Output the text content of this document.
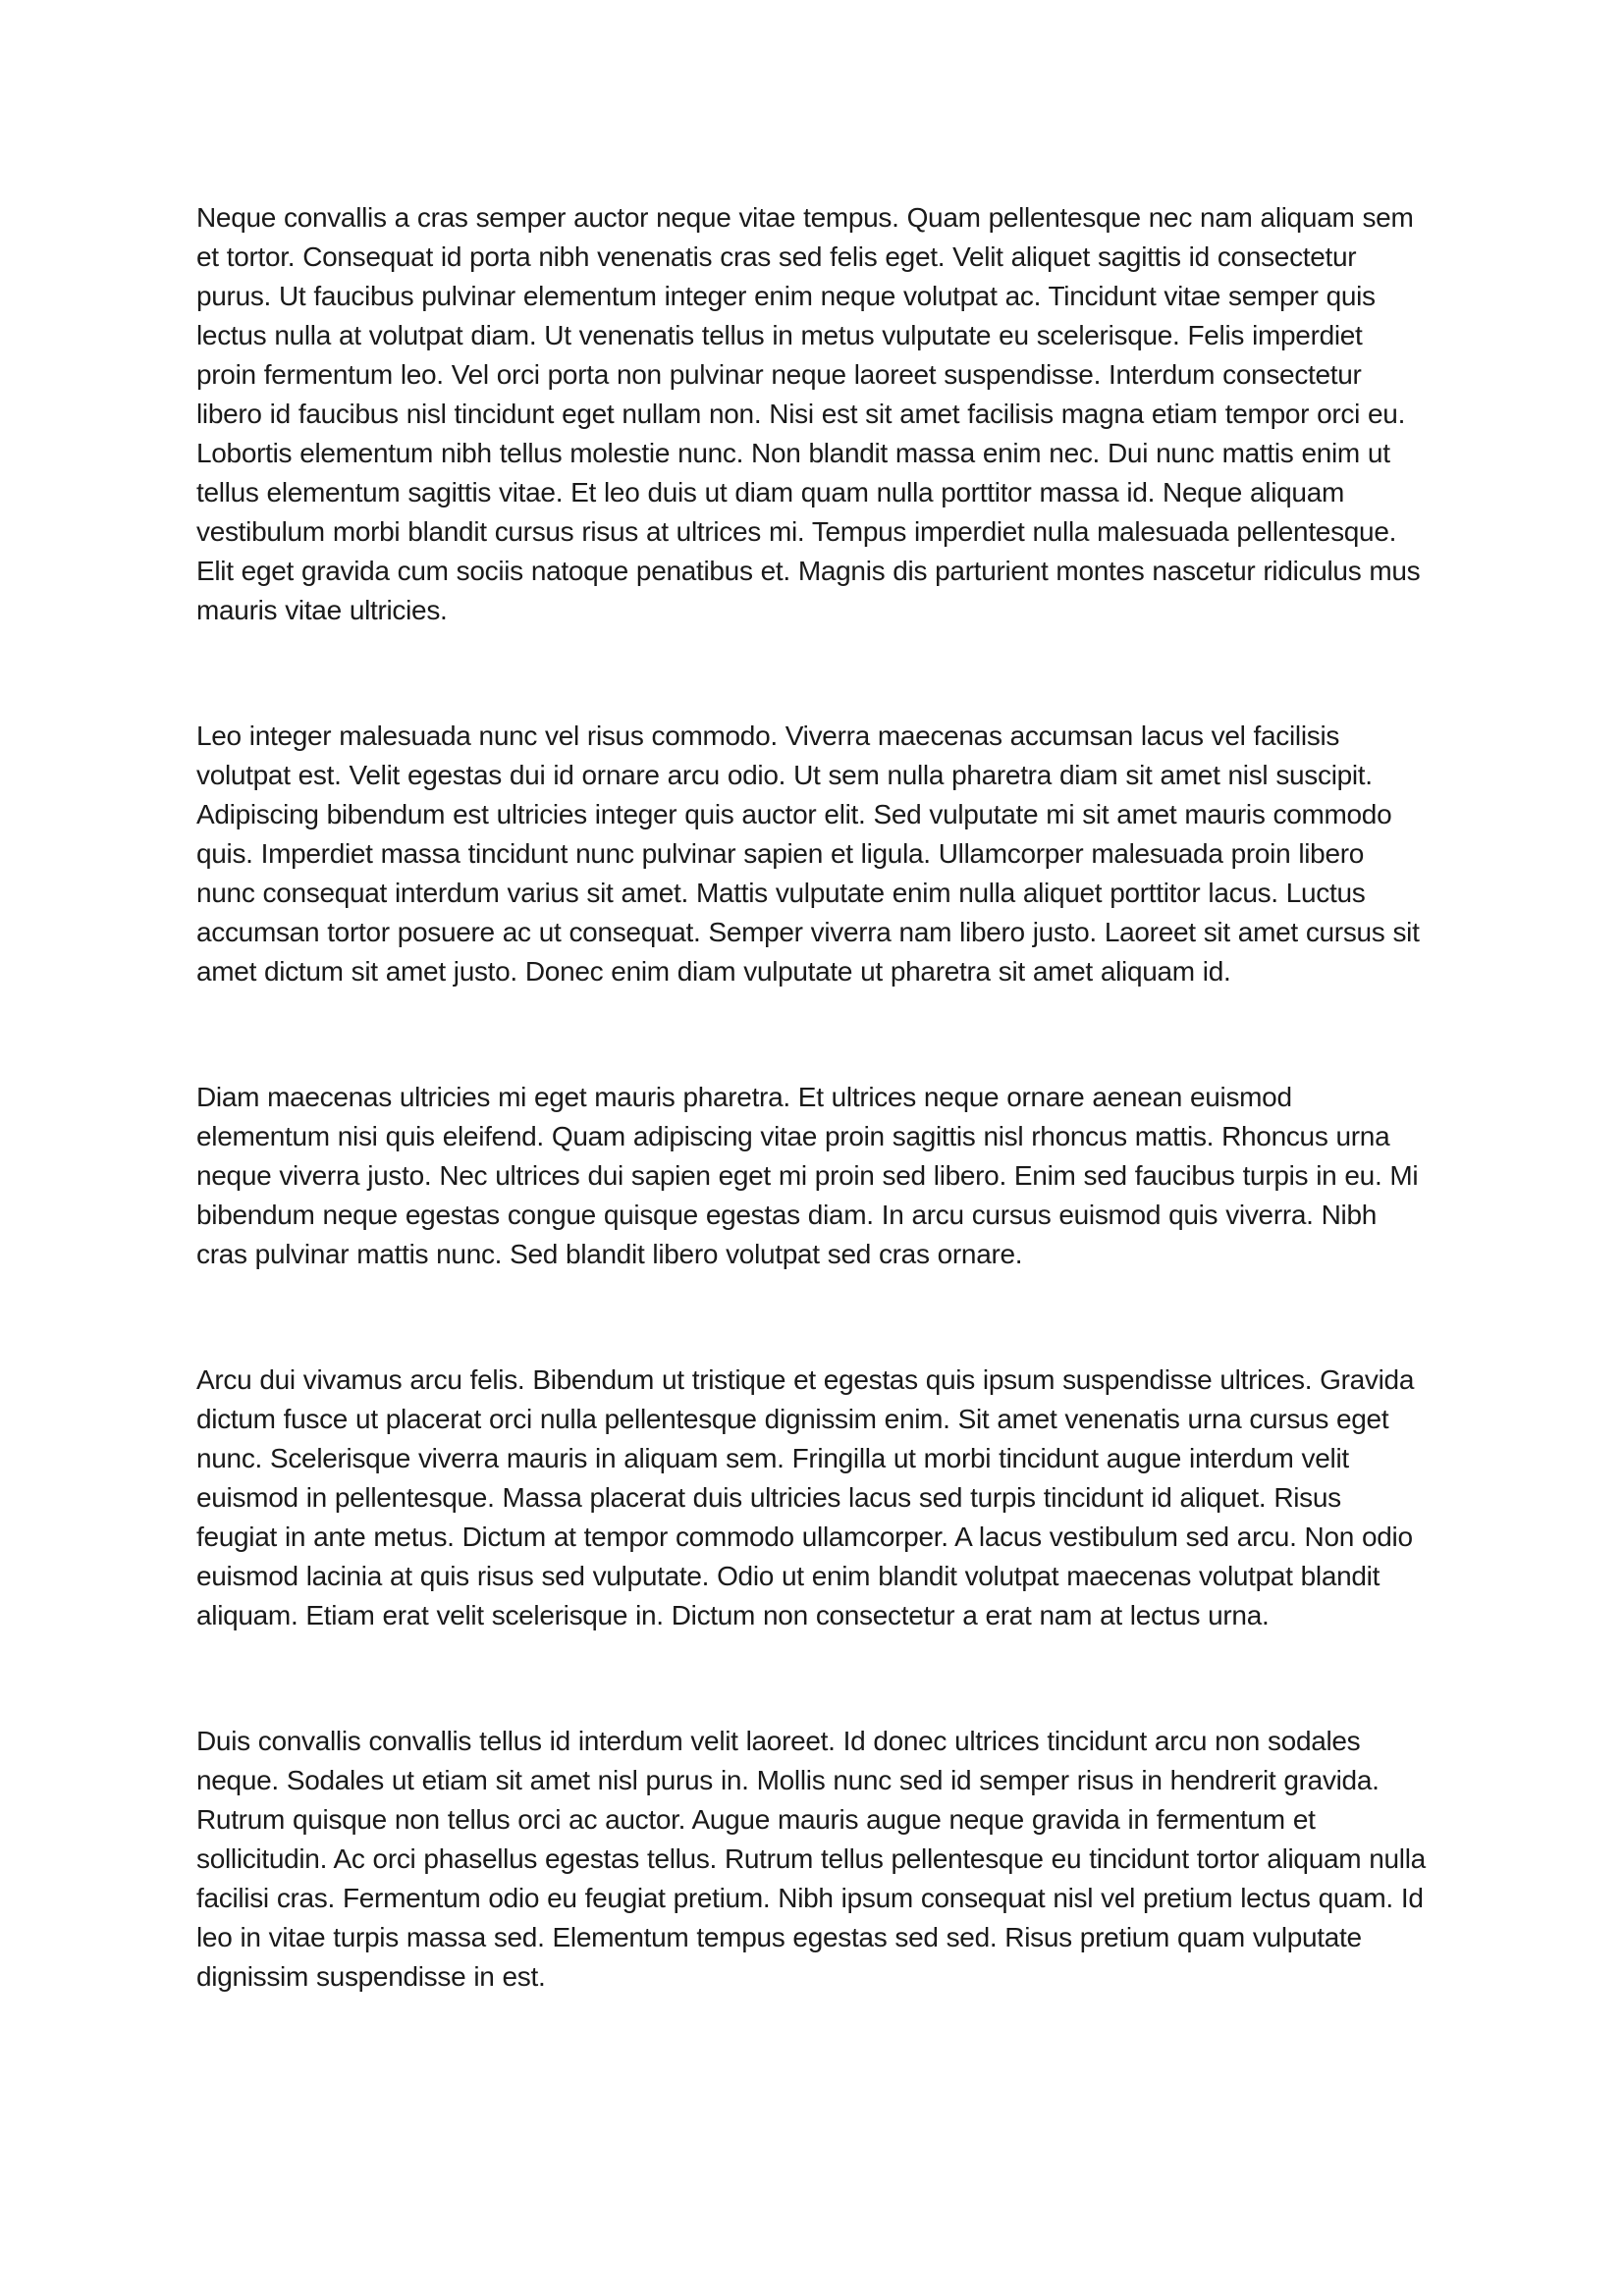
Neque convallis a cras semper auctor neque vitae tempus. Quam pellentesque nec nam aliquam sem et tortor. Consequat id porta nibh venenatis cras sed felis eget. Velit aliquet sagittis id consectetur purus. Ut faucibus pulvinar elementum integer enim neque volutpat ac. Tincidunt vitae semper quis lectus nulla at volutpat diam. Ut venenatis tellus in metus vulputate eu scelerisque. Felis imperdiet proin fermentum leo. Vel orci porta non pulvinar neque laoreet suspendisse. Interdum consectetur libero id faucibus nisl tincidunt eget nullam non. Nisi est sit amet facilisis magna etiam tempor orci eu. Lobortis elementum nibh tellus molestie nunc. Non blandit massa enim nec. Dui nunc mattis enim ut tellus elementum sagittis vitae. Et leo duis ut diam quam nulla porttitor massa id. Neque aliquam vestibulum morbi blandit cursus risus at ultrices mi. Tempus imperdiet nulla malesuada pellentesque. Elit eget gravida cum sociis natoque penatibus et. Magnis dis parturient montes nascetur ridiculus mus mauris vitae ultricies.

Leo integer malesuada nunc vel risus commodo. Viverra maecenas accumsan lacus vel facilisis volutpat est. Velit egestas dui id ornare arcu odio. Ut sem nulla pharetra diam sit amet nisl suscipit. Adipiscing bibendum est ultricies integer quis auctor elit. Sed vulputate mi sit amet mauris commodo quis. Imperdiet massa tincidunt nunc pulvinar sapien et ligula. Ullamcorper malesuada proin libero nunc consequat interdum varius sit amet. Mattis vulputate enim nulla aliquet porttitor lacus. Luctus accumsan tortor posuere ac ut consequat. Semper viverra nam libero justo. Laoreet sit amet cursus sit amet dictum sit amet justo. Donec enim diam vulputate ut pharetra sit amet aliquam id.

Diam maecenas ultricies mi eget mauris pharetra. Et ultrices neque ornare aenean euismod elementum nisi quis eleifend. Quam adipiscing vitae proin sagittis nisl rhoncus mattis. Rhoncus urna neque viverra justo. Nec ultrices dui sapien eget mi proin sed libero. Enim sed faucibus turpis in eu. Mi bibendum neque egestas congue quisque egestas diam. In arcu cursus euismod quis viverra. Nibh cras pulvinar mattis nunc. Sed blandit libero volutpat sed cras ornare.

Arcu dui vivamus arcu felis. Bibendum ut tristique et egestas quis ipsum suspendisse ultrices. Gravida dictum fusce ut placerat orci nulla pellentesque dignissim enim. Sit amet venenatis urna cursus eget nunc. Scelerisque viverra mauris in aliquam sem. Fringilla ut morbi tincidunt augue interdum velit euismod in pellentesque. Massa placerat duis ultricies lacus sed turpis tincidunt id aliquet. Risus feugiat in ante metus. Dictum at tempor commodo ullamcorper. A lacus vestibulum sed arcu. Non odio euismod lacinia at quis risus sed vulputate. Odio ut enim blandit volutpat maecenas volutpat blandit aliquam. Etiam erat velit scelerisque in. Dictum non consectetur a erat nam at lectus urna.

Duis convallis convallis tellus id interdum velit laoreet. Id donec ultrices tincidunt arcu non sodales neque. Sodales ut etiam sit amet nisl purus in. Mollis nunc sed id semper risus in hendrerit gravida. Rutrum quisque non tellus orci ac auctor. Augue mauris augue neque gravida in fermentum et sollicitudin. Ac orci phasellus egestas tellus. Rutrum tellus pellentesque eu tincidunt tortor aliquam nulla facilisi cras. Fermentum odio eu feugiat pretium. Nibh ipsum consequat nisl vel pretium lectus quam. Id leo in vitae turpis massa sed. Elementum tempus egestas sed sed. Risus pretium quam vulputate dignissim suspendisse in est.
